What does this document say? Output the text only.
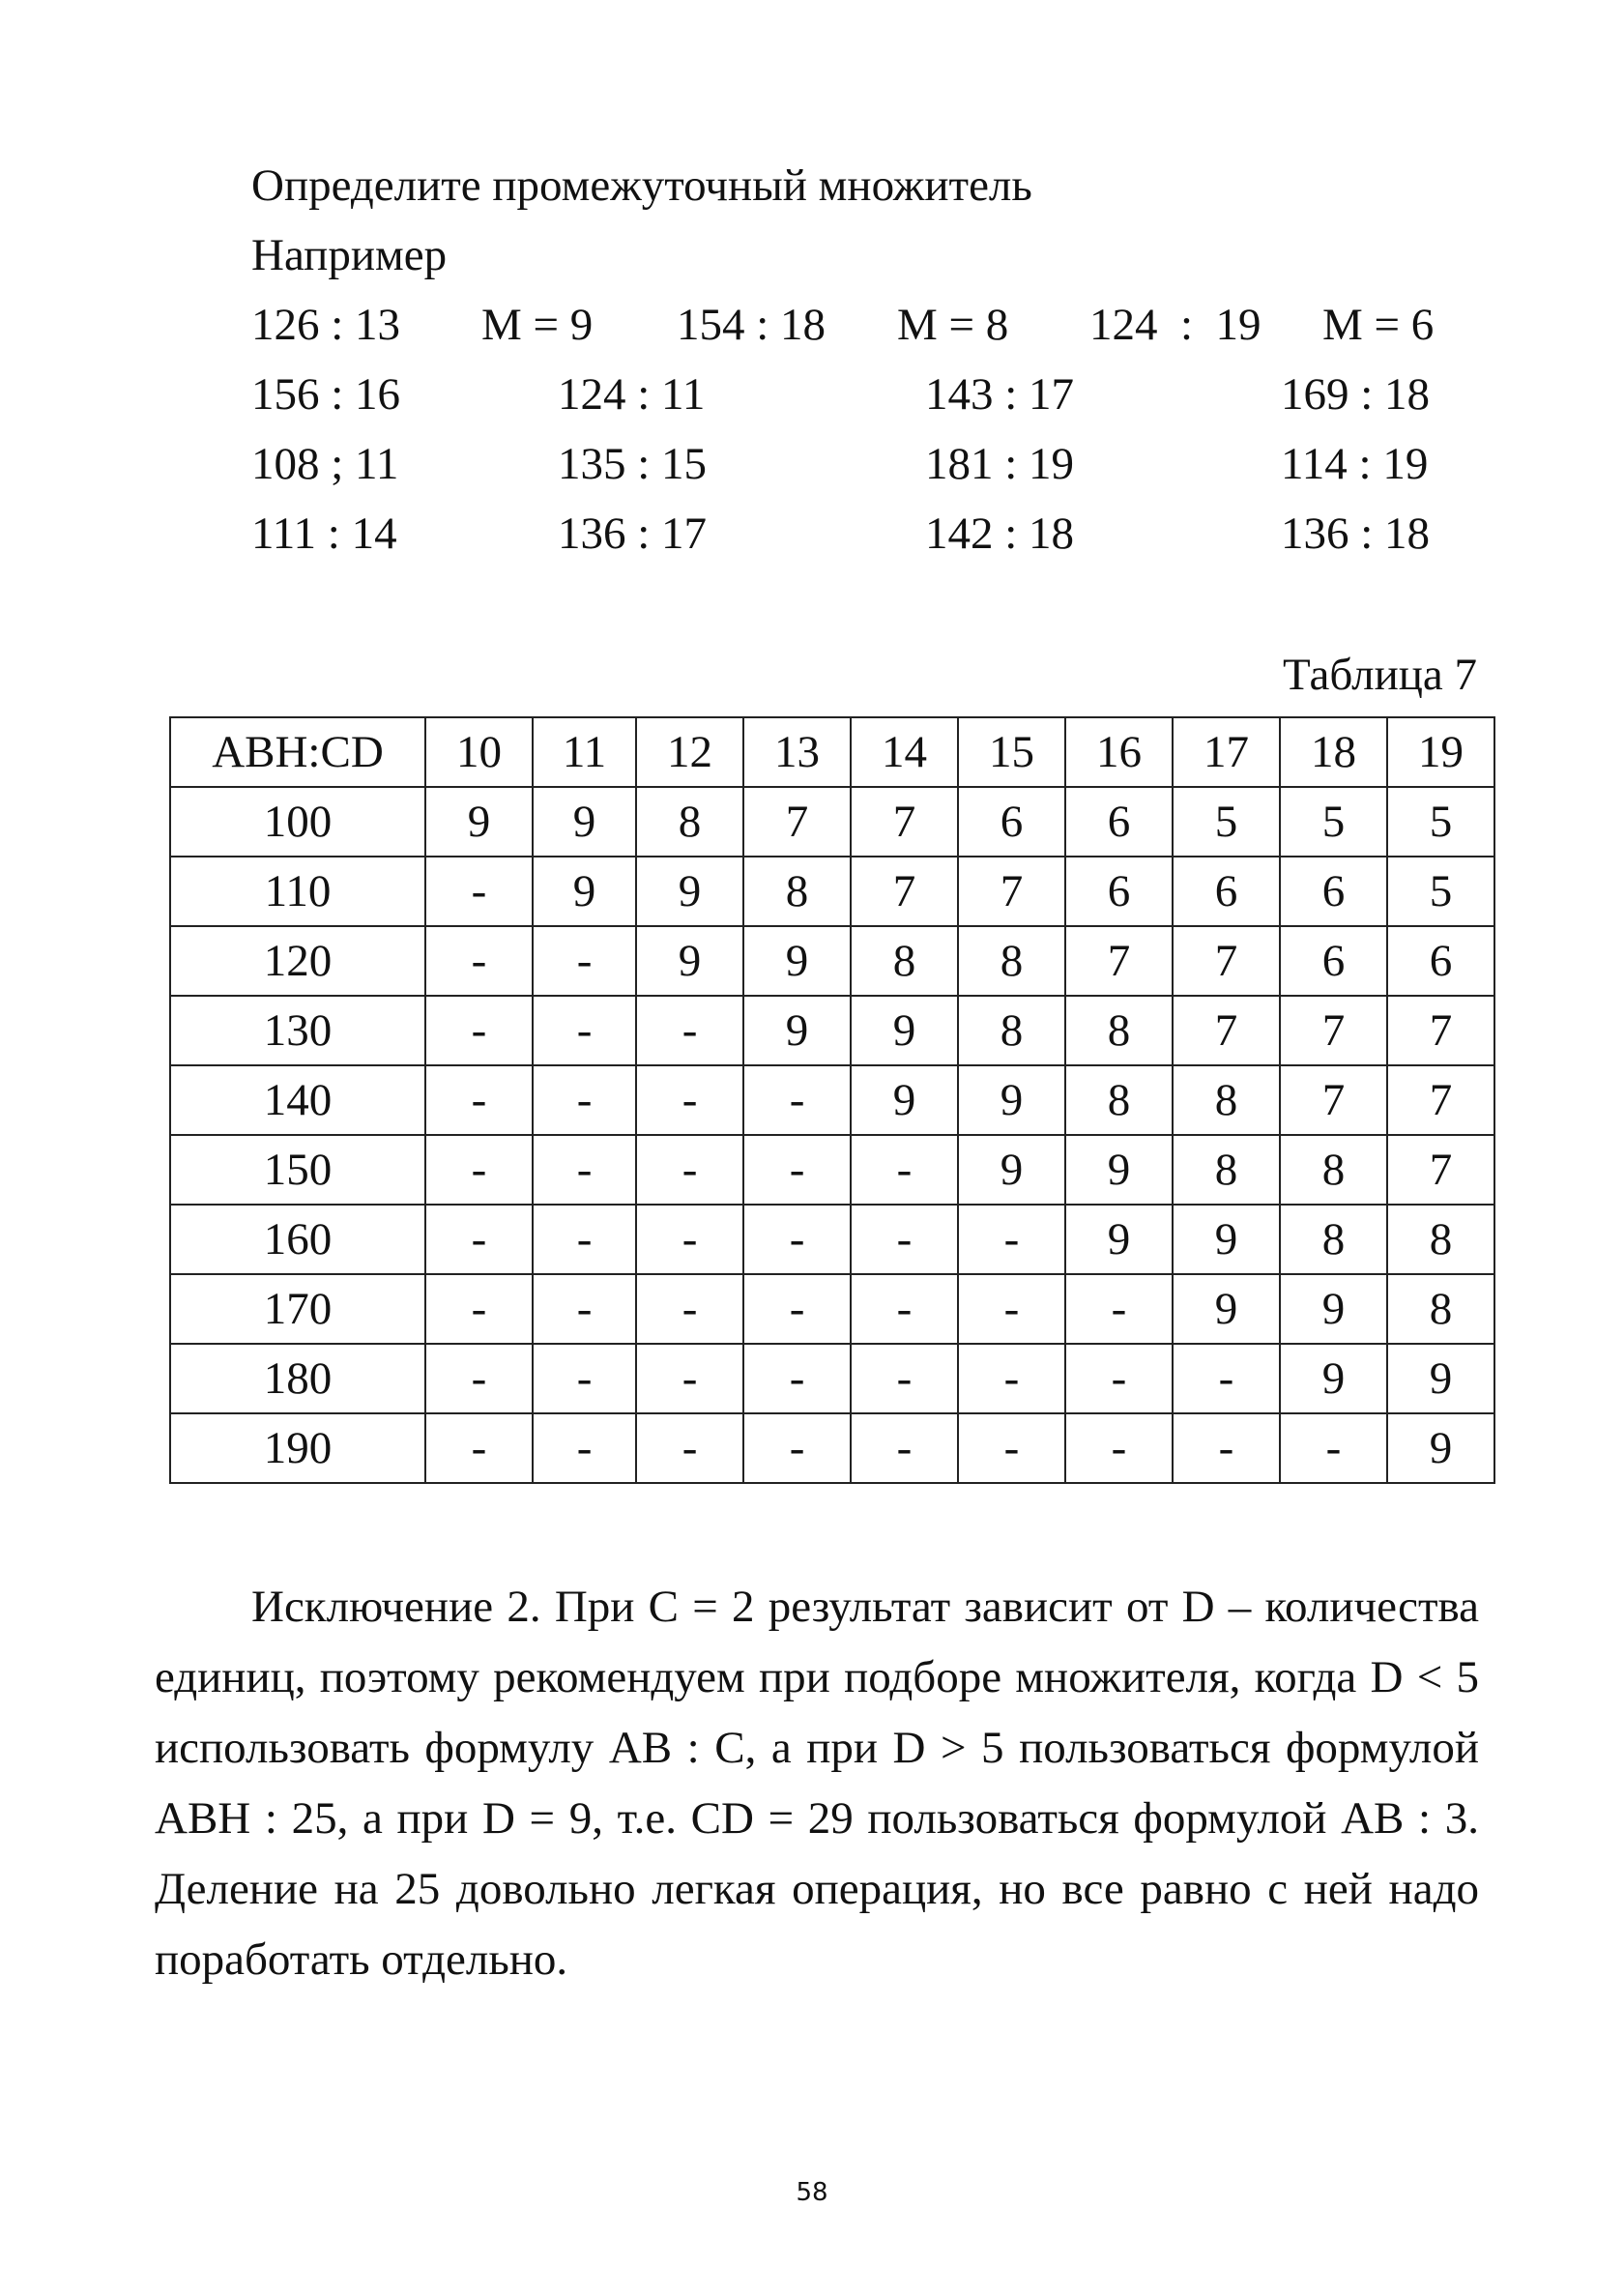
Определите промежуточный множитель
Например
126 : 13 M = 9 154 : 18 M = 8 124  :  19 M = 6
156 : 16	124 : 11	143 : 17	169 : 18
108 ; 11	135 : 15	181 : 19	114 : 19
111 : 14	136 : 17	142 : 18	136 : 18
Таблица 7
ABH:CD	10	11	12	13	14	15	16	17	18	19
100	9	9	8	7	7	6	6	5	5	5
110	-	9	9	8	7	7	6	6	6	5
120	-	-	9	9	8	8	7	7	6	6
130	-	-	-	9	9	8	8	7	7	7
140	-	-	-	-	9	9	8	8	7	7
150	-	-	-	-	-	9	9	8	8	7
160	-	-	-	-	-	-	9	9	8	8
170	-	-	-	-	-	-	-	9	9	8
180	-	-	-	-	-	-	-	-	9	9
190	-	-	-	-	-	-	-	-	-	9

Исключение 2. При C = 2 результат зависит от D – количества единиц, поэтому рекомендуем при подборе множителя, когда D < 5 использовать формулу AB : C, а при D > 5 пользоваться формулой ABH : 25, а при D = 9, т.е. CD = 29 пользоваться формулой AB : 3. Деление на 25 довольно легкая операция, но все равно с ней надо поработать отдельно.

58
